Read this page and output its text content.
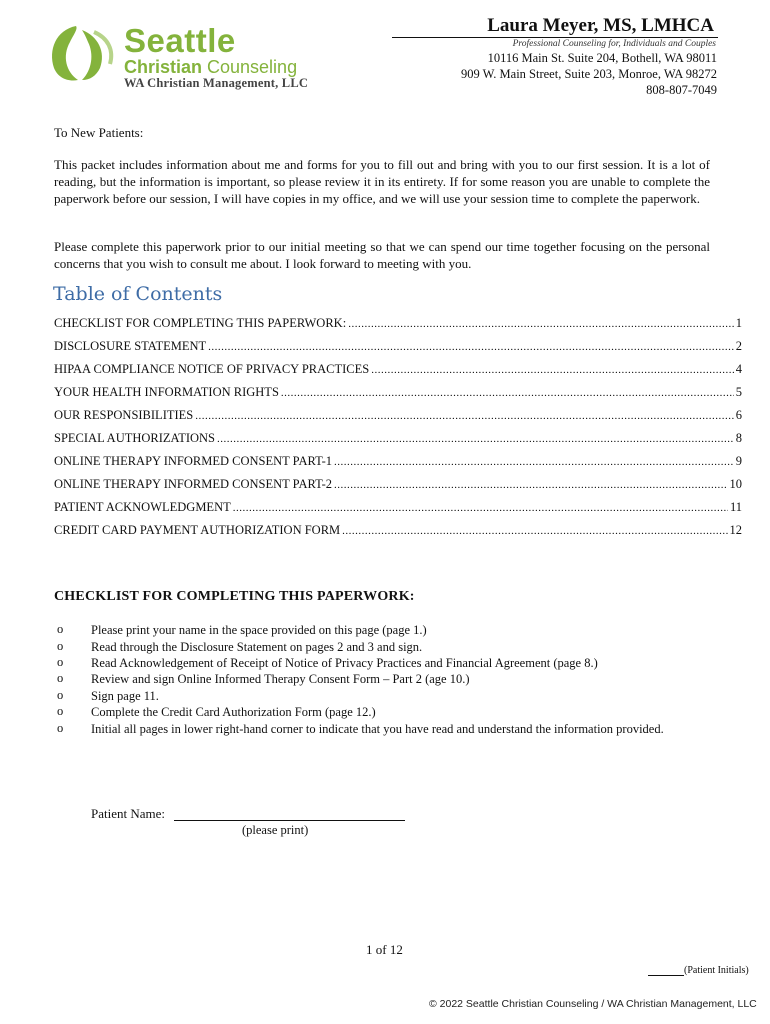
Seattle
Christian Counseling
WA Christian Management, LLC
Laura Meyer, MS, LMHCA
Professional Counseling for, Individuals and Couples
10116 Main St. Suite 204, Bothell, WA 98011
909 W. Main Street, Suite 203, Monroe, WA 98272
808-807-7049
To New Patients:
This packet includes information about me and forms for you to fill out and bring with you to our first session. It is a lot of reading, but the information is important, so please review it in its entirety. If for some reason you are unable to complete the paperwork before our session, I will have copies in my office, and we will use your session time to complete the paperwork.
Please complete this paperwork prior to our initial meeting so that we can spend our time together focusing on the personal concerns that you wish to consult me about. I look forward to meeting with you.
Table of Contents
CHECKLIST FOR COMPLETING THIS PAPERWORK: .....	1
DISCLOSURE STATEMENT .....	2
HIPAA COMPLIANCE NOTICE OF PRIVACY PRACTICES .....	4
YOUR HEALTH INFORMATION RIGHTS .....	5
OUR RESPONSIBILITIES .....	6
SPECIAL AUTHORIZATIONS .....	8
ONLINE THERAPY INFORMED CONSENT PART-1 .....	9
ONLINE THERAPY INFORMED CONSENT PART-2 .....	10
PATIENT ACKNOWLEDGMENT .....	11
CREDIT CARD PAYMENT AUTHORIZATION FORM .....	12
CHECKLIST FOR COMPLETING THIS PAPERWORK:
o Please print your name in the space provided on this page (page 1.)
o Read through the Disclosure Statement on pages 2 and 3 and sign.
o Read Acknowledgement of Receipt of Notice of Privacy Practices and Financial Agreement (page 8.)
o Review and sign Online Informed Therapy Consent Form – Part 2 (age 10.)
o Sign page 11.
o Complete the Credit Card Authorization Form (page 12.)
o Initial all pages in lower right-hand corner to indicate that you have read and understand the information provided.
Patient Name:
(please print)
1 of 12
(Patient Initials)
© 2022 Seattle Christian Counseling / WA Christian Management, LLC
